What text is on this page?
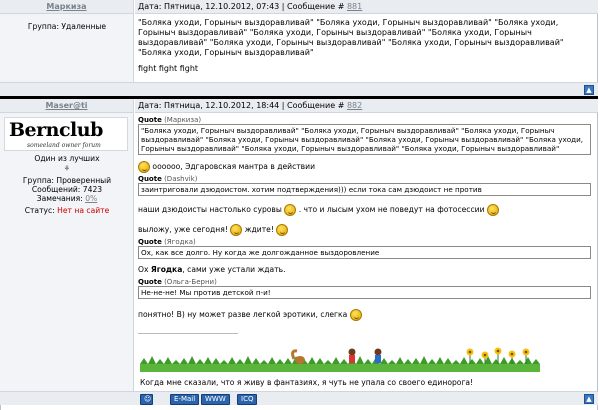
Маркиза
Группа: Удаленные
Дата: Пятница, 12.10.2012, 07:43 | Сообщение # 881
"Боляка уходи, Горыныч выздоравливай" "Боляка уходи, Горыныч выздоравливай" "Боляка уходи, Горыныч выздоравливай" "Боляка уходи, Горыныч выздоравливай" "Боляка уходи, Горыныч выздоравливай" "Боляка уходи, Горыныч выздоравливай" "Боляка уходи, Горыныч выздоравливай" "Боляка уходи, Горыныч выздоравливай"
fight fight fight
▲
Maser@ti
Bernclub
someeland owner forum
Один из лучших
⚘
Группа: Проверенный
Сообщений: 7423
Замечания: 0%
Статус: Нет на сайте
Дата: Пятница, 12.10.2012, 18:44 | Сообщение # 882
Quote (Маркиза)
"Боляка уходи, Горыныч выздоравливай" "Боляка уходи, Горыныч выздоравливай" "Боляка уходи, Горыныч выздоравливай" "Боляка уходи, Горыныч выздоравливай" "Боляка уходи, Горыныч выздоравливай" "Боляка уходи, Горыныч выздоравливай" "Боляка уходи, Горыныч выздоравливай" "Боляка уходи, Горыныч выздоравливай"
оооооо, Эдгаровская мантра в действии
Quote (Dashvik)
заинтриговали дзюдоистом. хотим подтверждения))) если тока сам дзюдоист не против
наши дзюдоисты настолько суровы . что и лысым ухом не поведут на фотосессии
выложу, уже сегодня! ждите!
Quote (Ягодка)
Ох, как все долго. Ну когда же долгожданное выздоровление
Ох Ягодка, сами уже устали ждать.
Quote (Ольга-Берни)
Не-не-не! Мы против детской п-и!
понятно! В) ну может разве легкой эротики, слегка
Когда мне сказали, что я живу в фантазиях, я чуть не упала со своего единорога!
☺	E-Mail	WWW	ICQ	▲
